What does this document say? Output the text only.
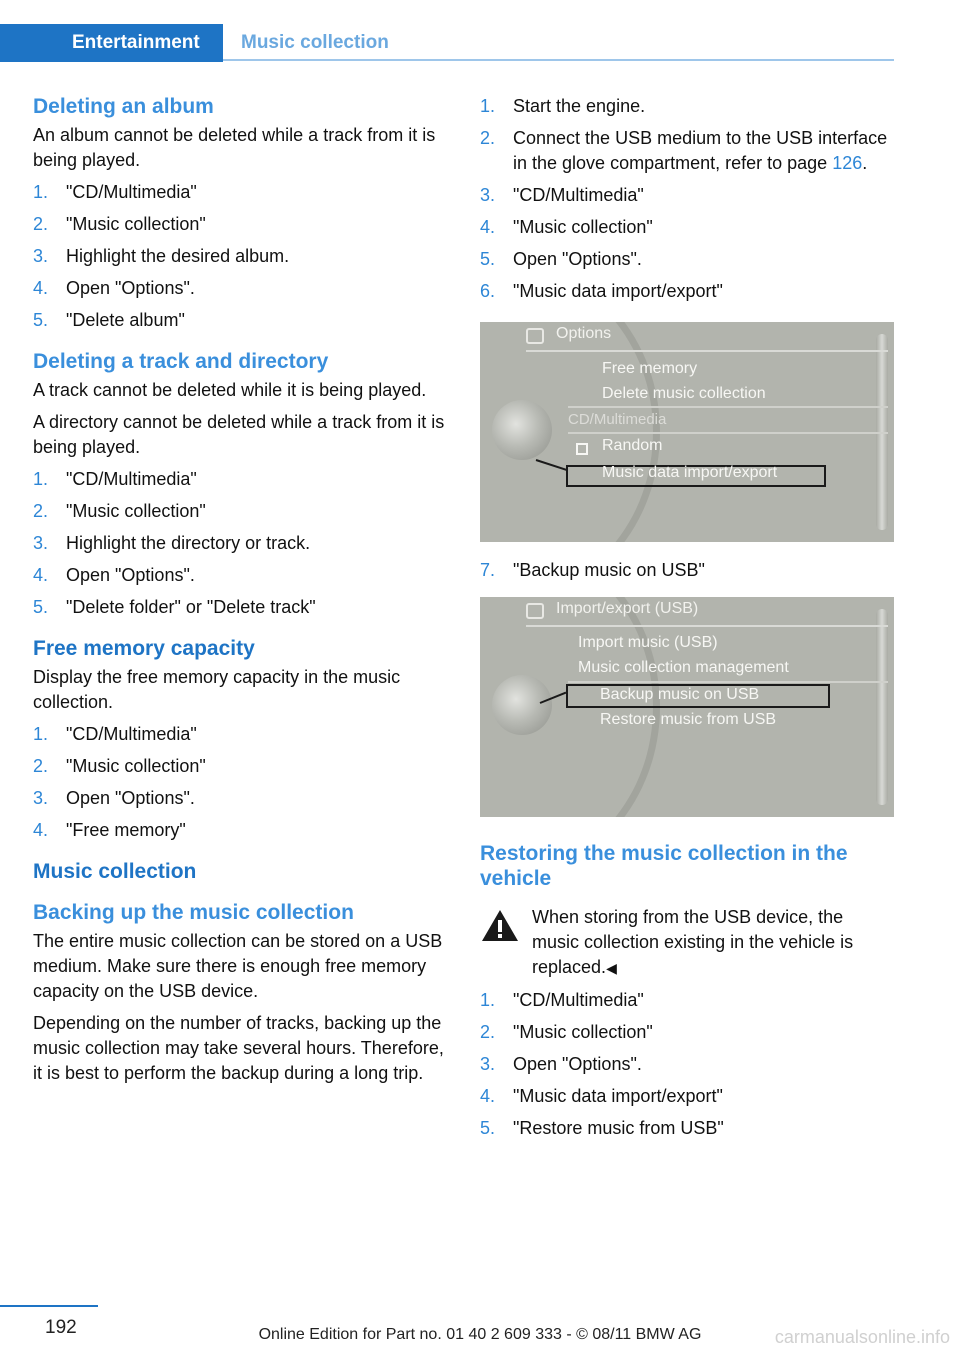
Entertainment Music collection
Deleting an album

An album cannot be deleted while a track from it is being played.

1. "CD/Multimedia"
2. "Music collection"
3. Highlight the desired album.
4. Open "Options".
5. "Delete album"
Deleting a track and directory

A track cannot be deleted while it is being played.

A directory cannot be deleted while a track from it is being played.

1. "CD/Multimedia"
2. "Music collection"
3. Highlight the directory or track.
4. Open "Options".
5. "Delete folder" or "Delete track"
Free memory capacity

Display the free memory capacity in the music collection.

1. "CD/Multimedia"
2. "Music collection"
3. Open "Options".
4. "Free memory"
Music collection
Backing up the music collection

The entire music collection can be stored on a USB medium. Make sure there is enough free memory capacity on the USB device.

Depending on the number of tracks, backing up the music collection may take several hours. Therefore, it is best to perform the backup during a long trip.

1. Start the engine.
2. Connect the USB medium to the USB interface in the glove compartment, refer to page 126.
3. "CD/Multimedia"
4. "Music collection"
5. Open "Options".
6. "Music data import/export"
Options
Free memory
Delete music collection
CD/Multimedia
Random
Music data import/export
7. "Backup music on USB"
Import/export (USB)
Import music (USB)
Music collection management
Backup music on USB
Restore music from USB
Restoring the music collection in the vehicle
When storing from the USB device, the music collection existing in the vehicle is replaced.◀
1. "CD/Multimedia"
2. "Music collection"
3. Open "Options".
4. "Music data import/export"
5. "Restore music from USB"
192	Online Edition for Part no. 01 40 2 609 333 - © 08/11 BMW AG	carmanualsonline.info
